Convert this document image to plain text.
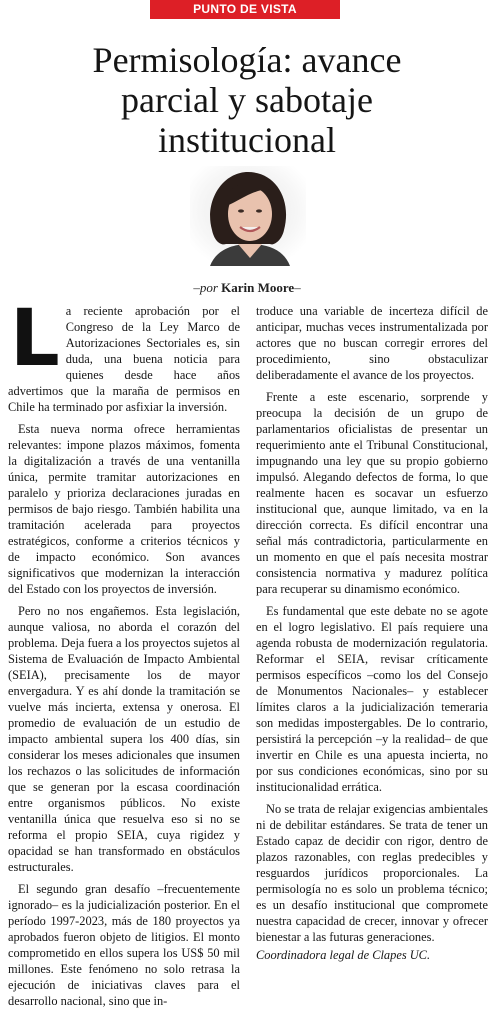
PUNTO DE VISTA
Permisología: avance
parcial y sabotaje
institucional
–por Karin Moore–

La reciente aprobación por el Congreso de la Ley Marco de Autorizaciones Sectoriales es, sin duda, una buena noticia para quienes desde hace años advertimos que la maraña de permisos en Chile ha terminado por asfixiar la inversión.

Esta nueva norma ofrece herramientas relevantes: impone plazos máximos, fomenta la digitalización a través de una ventanilla única, permite tramitar autorizaciones en paralelo y prioriza declaraciones juradas en permisos de bajo riesgo. También habilita una tramitación acelerada para proyectos estratégicos, conforme a criterios técnicos y de impacto económico. Son avances significativos que modernizan la interacción del Estado con los proyectos de inversión.

Pero no nos engañemos. Esta legislación, aunque valiosa, no aborda el corazón del problema. Deja fuera a los proyectos sujetos al Sistema de Evaluación de Impacto Ambiental (SEIA), precisamente los de mayor envergadura. Y es ahí donde la tramitación se vuelve más incierta, extensa y onerosa. El promedio de evaluación de un estudio de impacto ambiental supera los 400 días, sin considerar los meses adicionales que insumen los rechazos o las solicitudes de información que se generan por la escasa coordinación entre organismos públicos. No existe ventanilla única que resuelva eso si no se reforma el propio SEIA, cuya rigidez y opacidad se han transformado en obstáculos estructurales.

El segundo gran desafío –frecuentemente ignorado– es la judicialización posterior. En el período 1997-2023, más de 180 proyectos ya aprobados fueron objeto de litigios. El monto comprometido en ellos supera los US$ 50 mil millones. Este fenómeno no solo retrasa la ejecución de iniciativas claves para el desarrollo nacional, sino que in-

troduce una variable de incerteza difícil de anticipar, muchas veces instrumentalizada por actores que no buscan corregir errores del procedimiento, sino obstaculizar deliberadamente el avance de los proyectos.

Frente a este escenario, sorprende y preocupa la decisión de un grupo de parlamentarios oficialistas de presentar un requerimiento ante el Tribunal Constitucional, impugnando una ley que su propio gobierno impulsó. Alegando defectos de forma, lo que realmente hacen es socavar un esfuerzo institucional que, aunque limitado, va en la dirección correcta. Es difícil encontrar una señal más contradictoria, particularmente en un momento en que el país necesita mostrar consistencia normativa y madurez política para recuperar su dinamismo económico.

Es fundamental que este debate no se agote en el logro legislativo. El país requiere una agenda robusta de modernización regulatoria. Reformar el SEIA, revisar críticamente permisos específicos –como los del Consejo de Monumentos Nacionales– y establecer límites claros a la judicialización temeraria son medidas impostergables. De lo contrario, persistirá la percepción –y la realidad– de que invertir en Chile es una apuesta incierta, no por sus condiciones económicas, sino por su institucionalidad errática.

No se trata de relajar exigencias ambientales ni de debilitar estándares. Se trata de tener un Estado capaz de decidir con rigor, dentro de plazos razonables, con reglas predecibles y resguardos jurídicos proporcionales. La permisología no es solo un problema técnico; es un desafío institucional que compromete nuestra capacidad de crecer, innovar y ofrecer bienestar a las futuras generaciones.

Coordinadora legal de Clapes UC.
